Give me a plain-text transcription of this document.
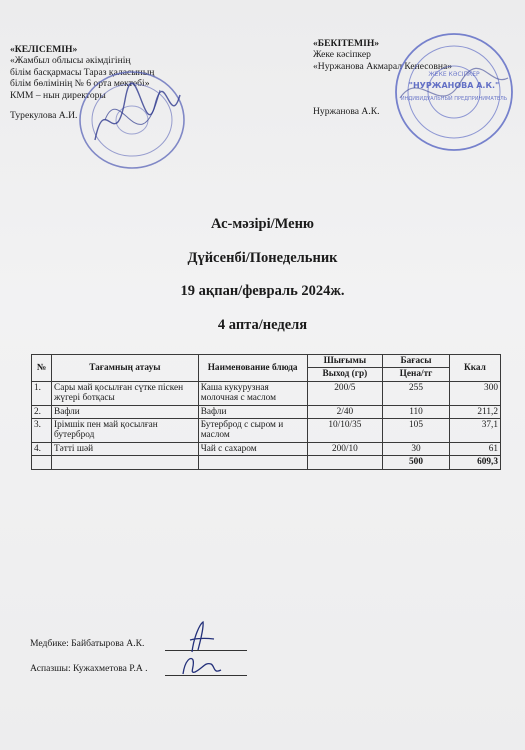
«КЕЛІСЕМІН»
«Жамбыл облысы әкімдігінің
білім басқармасы Тараз қаласының
білім бөлімінің № 6 орта мектебі»
КММ – нын директоры
Турекулова А.И.
«БЕКІТЕМІН»
Жеке кәсіпкер
«Нуржанова Акмарал Кенесовна»
Нуржанова А.К.
ЖЕКЕ КӘСІПКЕР
"НУРЖАНОВА А.К."
ИНДИВИДУАЛЬНЫЙ ПРЕДПРИНИМАТЕЛЬ
Ас-мәзірі/Меню
Дүйсенбі/Понедельник
19 ақпан/февраль 2024ж.
4 апта/неделя
№	Тағамның атауы	Наименование блюда	Шығымы	Бағасы	Ккал
			Выход (гр)	Цена/тг	
1.	Сары май қосылған сүтке піскен жүгері ботқасы	Каша кукурузная молочная с маслом	200/5	255	300
2.	Вафли	Вафли	2/40	110	211,2
3.	Ірімшік пен май қосылған бутерброд	Бутерброд с сыром и маслом	10/10/35	105	37,1
4.	Тәтті шәй	Чай с сахаром	200/10	30	61
				500	609,3
Медбике: Байбатырова А.К.
Аспазшы: Кужахметова Р.А .
